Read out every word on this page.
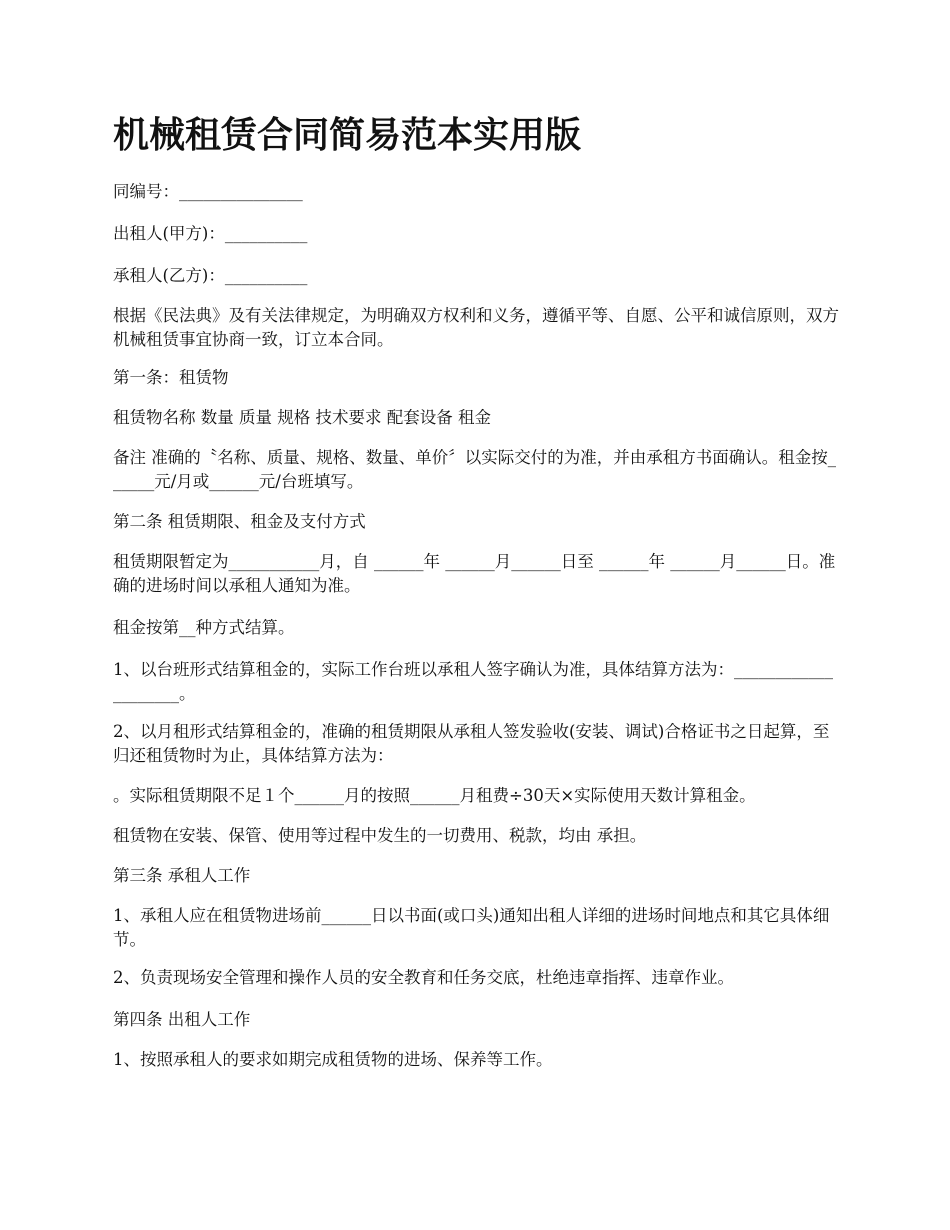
机械租赁合同简易范本实用版

同编号：_______________

出租人(甲方)：__________

承租人(乙方)：__________

根据《民法典》及有关法律规定，为明确双方权利和义务，遵循平等、自愿、公平和诚信原则，双方机械租赁事宜协商一致，订立本合同。

第一条：租赁物

租赁物名称 数量 质量 规格 技术要求 配套设备 租金

备注 准确的〝名称、质量、规格、数量、单价〞以实际交付的为准，并由承租方书面确认。租金按______元/月或______元/台班填写。

第二条 租赁期限、租金及支付方式

租赁期限暂定为___________月，自 ______年 ______月______日至 ______年 ______月______日。准确的进场时间以承租人通知为准。

租金按第__种方式结算。

1、以台班形式结算租金的，实际工作台班以承租人签字确认为准，具体结算方法为：____________________。

2、以月租形式结算租金的，准确的租赁期限从承租人签发验收(安装、调试)合格证书之日起算，至归还租赁物时为止，具体结算方法为：

。实际租赁期限不足１个______月的按照______月租费÷30天×实际使用天数计算租金。

租赁物在安装、保管、使用等过程中发生的一切费用、税款，均由 承担。

第三条 承租人工作

1、承租人应在租赁物进场前______日以书面(或口头)通知出租人详细的进场时间地点和其它具体细节。

2、负责现场安全管理和操作人员的安全教育和任务交底，杜绝违章指挥、违章作业。

第四条 出租人工作

1、按照承租人的要求如期完成租赁物的进场、保养等工作。
